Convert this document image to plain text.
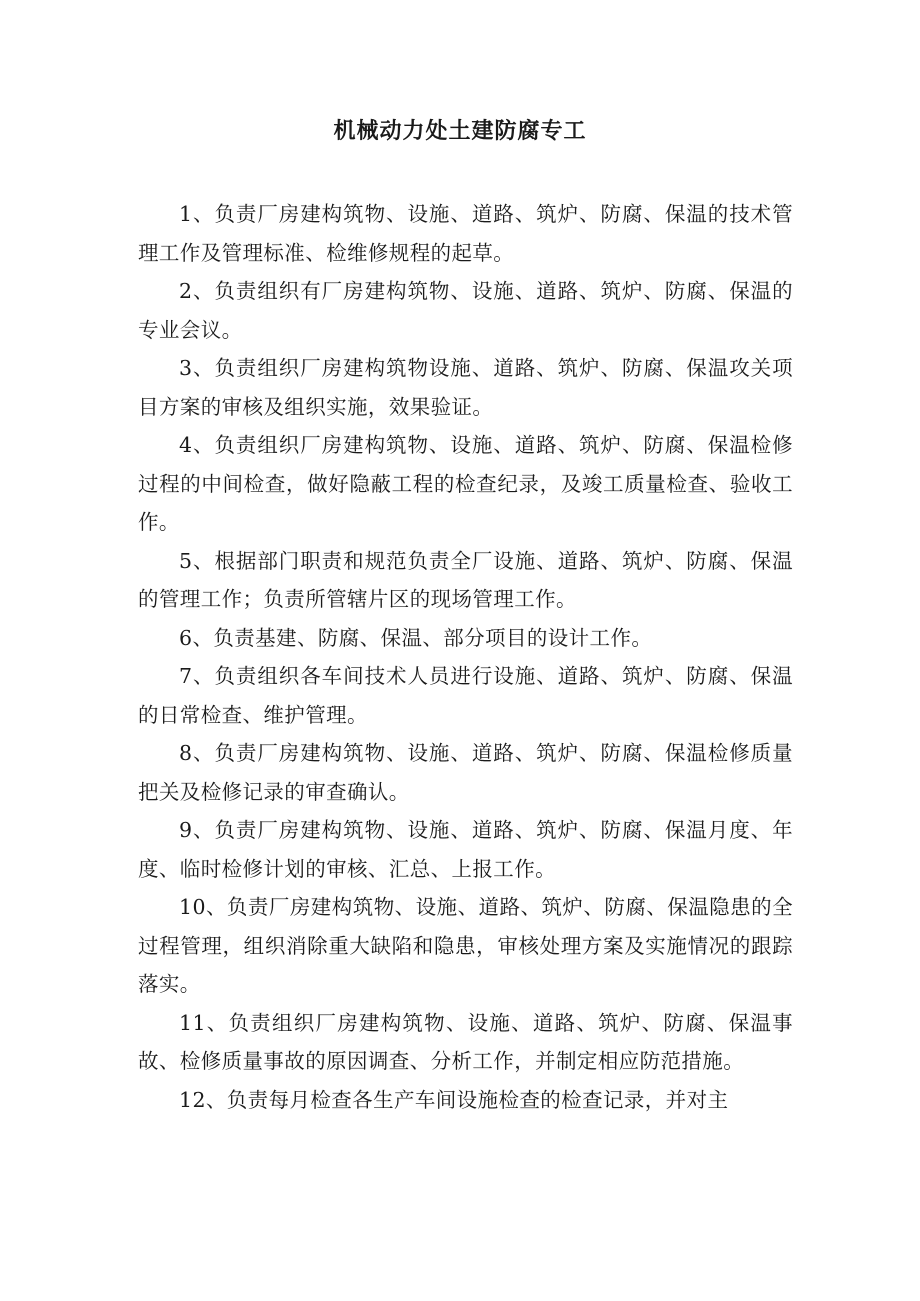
机械动力处土建防腐专工

1、负责厂房建构筑物、设施、道路、筑炉、防腐、保温的技术管理工作及管理标准、检维修规程的起草。

2、负责组织有厂房建构筑物、设施、道路、筑炉、防腐、保温的专业会议。

3、负责组织厂房建构筑物设施、道路、筑炉、防腐、保温攻关项目方案的审核及组织实施，效果验证。

4、负责组织厂房建构筑物、设施、道路、筑炉、防腐、保温检修过程的中间检查，做好隐蔽工程的检查纪录，及竣工质量检查、验收工作。

5、根据部门职责和规范负责全厂设施、道路、筑炉、防腐、保温的管理工作；负责所管辖片区的现场管理工作。

6、负责基建、防腐、保温、部分项目的设计工作。

7、负责组织各车间技术人员进行设施、道路、筑炉、防腐、保温的日常检查、维护管理。

8、负责厂房建构筑物、设施、道路、筑炉、防腐、保温检修质量把关及检修记录的审查确认。

9、负责厂房建构筑物、设施、道路、筑炉、防腐、保温月度、年度、临时检修计划的审核、汇总、上报工作。

10、负责厂房建构筑物、设施、道路、筑炉、防腐、保温隐患的全过程管理，组织消除重大缺陷和隐患，审核处理方案及实施情况的跟踪落实。

11、负责组织厂房建构筑物、设施、道路、筑炉、防腐、保温事故、检修质量事故的原因调查、分析工作，并制定相应防范措施。

12、负责每月检查各生产车间设施检查的检查记录，并对主
